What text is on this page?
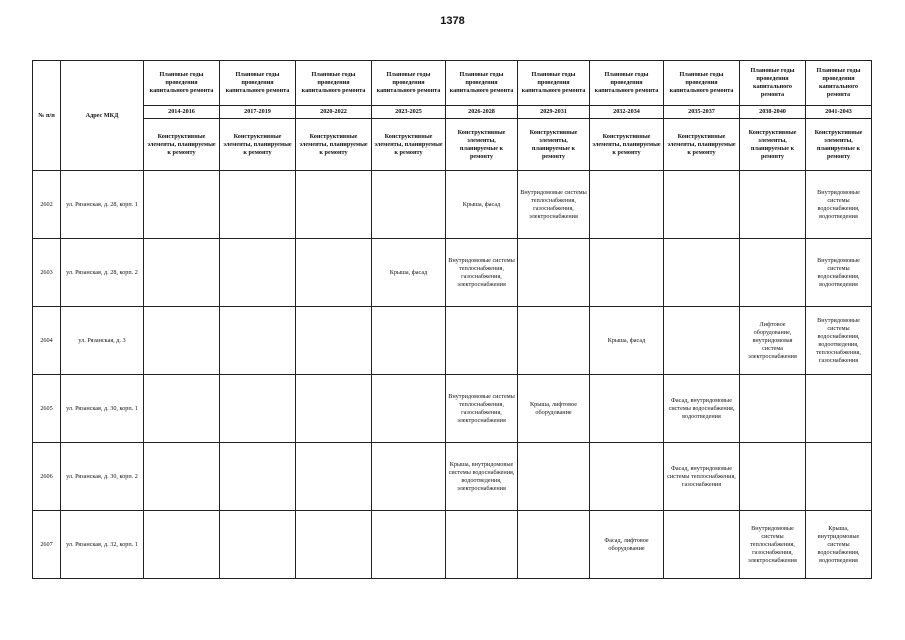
1378
№ п/п	Адрес МКД	Плановые годы проведения капитального ремонта	Плановые годы проведения капитального ремонта	Плановые годы проведения капитального ремонта	Плановые годы проведения капитального ремонта	Плановые годы проведения капитального ремонта	Плановые годы проведения капитального ремонта	Плановые годы проведения капитального ремонта	Плановые годы проведения капитального ремонта	Плановые годы проведения капитального ремонта	Плановые годы проведения капитального ремонта
		2014-2016	2017-2019	2020-2022	2023-2025	2026-2028	2029-2031	2032-2034	2035-2037	2038-2040	2041-2043
		Конструктивные элементы, планируемые к ремонту	Конструктивные элементы, планируемые к ремонту	Конструктивные элементы, планируемые к ремонту	Конструктивные элементы, планируемые к ремонту	Конструктивные элементы, планируемые к ремонту	Конструктивные элементы, планируемые к ремонту	Конструктивные элементы, планируемые к ремонту	Конструктивные элементы, планируемые к ремонту	Конструктивные элементы, планируемые к ремонту	Конструктивные элементы, планируемые к ремонту
2602	ул. Рязанская, д. 28, корп. 1					Крыша, фасад	Внутридомовые системы теплоснабжения, газоснабжения, электроснабжения				Внутридомовые системы водоснабжения, водоотведения
2603	ул. Рязанская, д. 28, корп. 2				Крыша, фасад	Внутридомовые системы теплоснабжения, газоснабжения, электроснабжения					Внутридомовые системы водоснабжения, водоотведения
2604	ул. Рязанская, д. 3							Крыша, фасад		Лифтовое оборудование, внутридомовая система электроснабжения	Внутридомовые системы водоснабжения, водоотведения, теплоснабжения, газоснабжения
2605	ул. Рязанская, д. 30, корп. 1					Внутридомовые системы теплоснабжения, газоснабжения, электроснабжения	Крыша, лифтовое оборудование		Фасад, внутридомовые системы водоснабжения, водоотведения		
2606	ул. Рязанская, д. 30, корп. 2					Крыша, внутридомовые системы водоснабжения, водоотведения, электроснабжения			Фасад, внутридомовые системы теплоснабжения, газоснабжения		
2607	ул. Рязанская, д. 32, корп. 1							Фасад, лифтовое оборудование		Внутридомовые системы теплоснабжения, газоснабжения, электроснабжения	Крыша, внутридомовые системы водоснабжения, водоотведения
